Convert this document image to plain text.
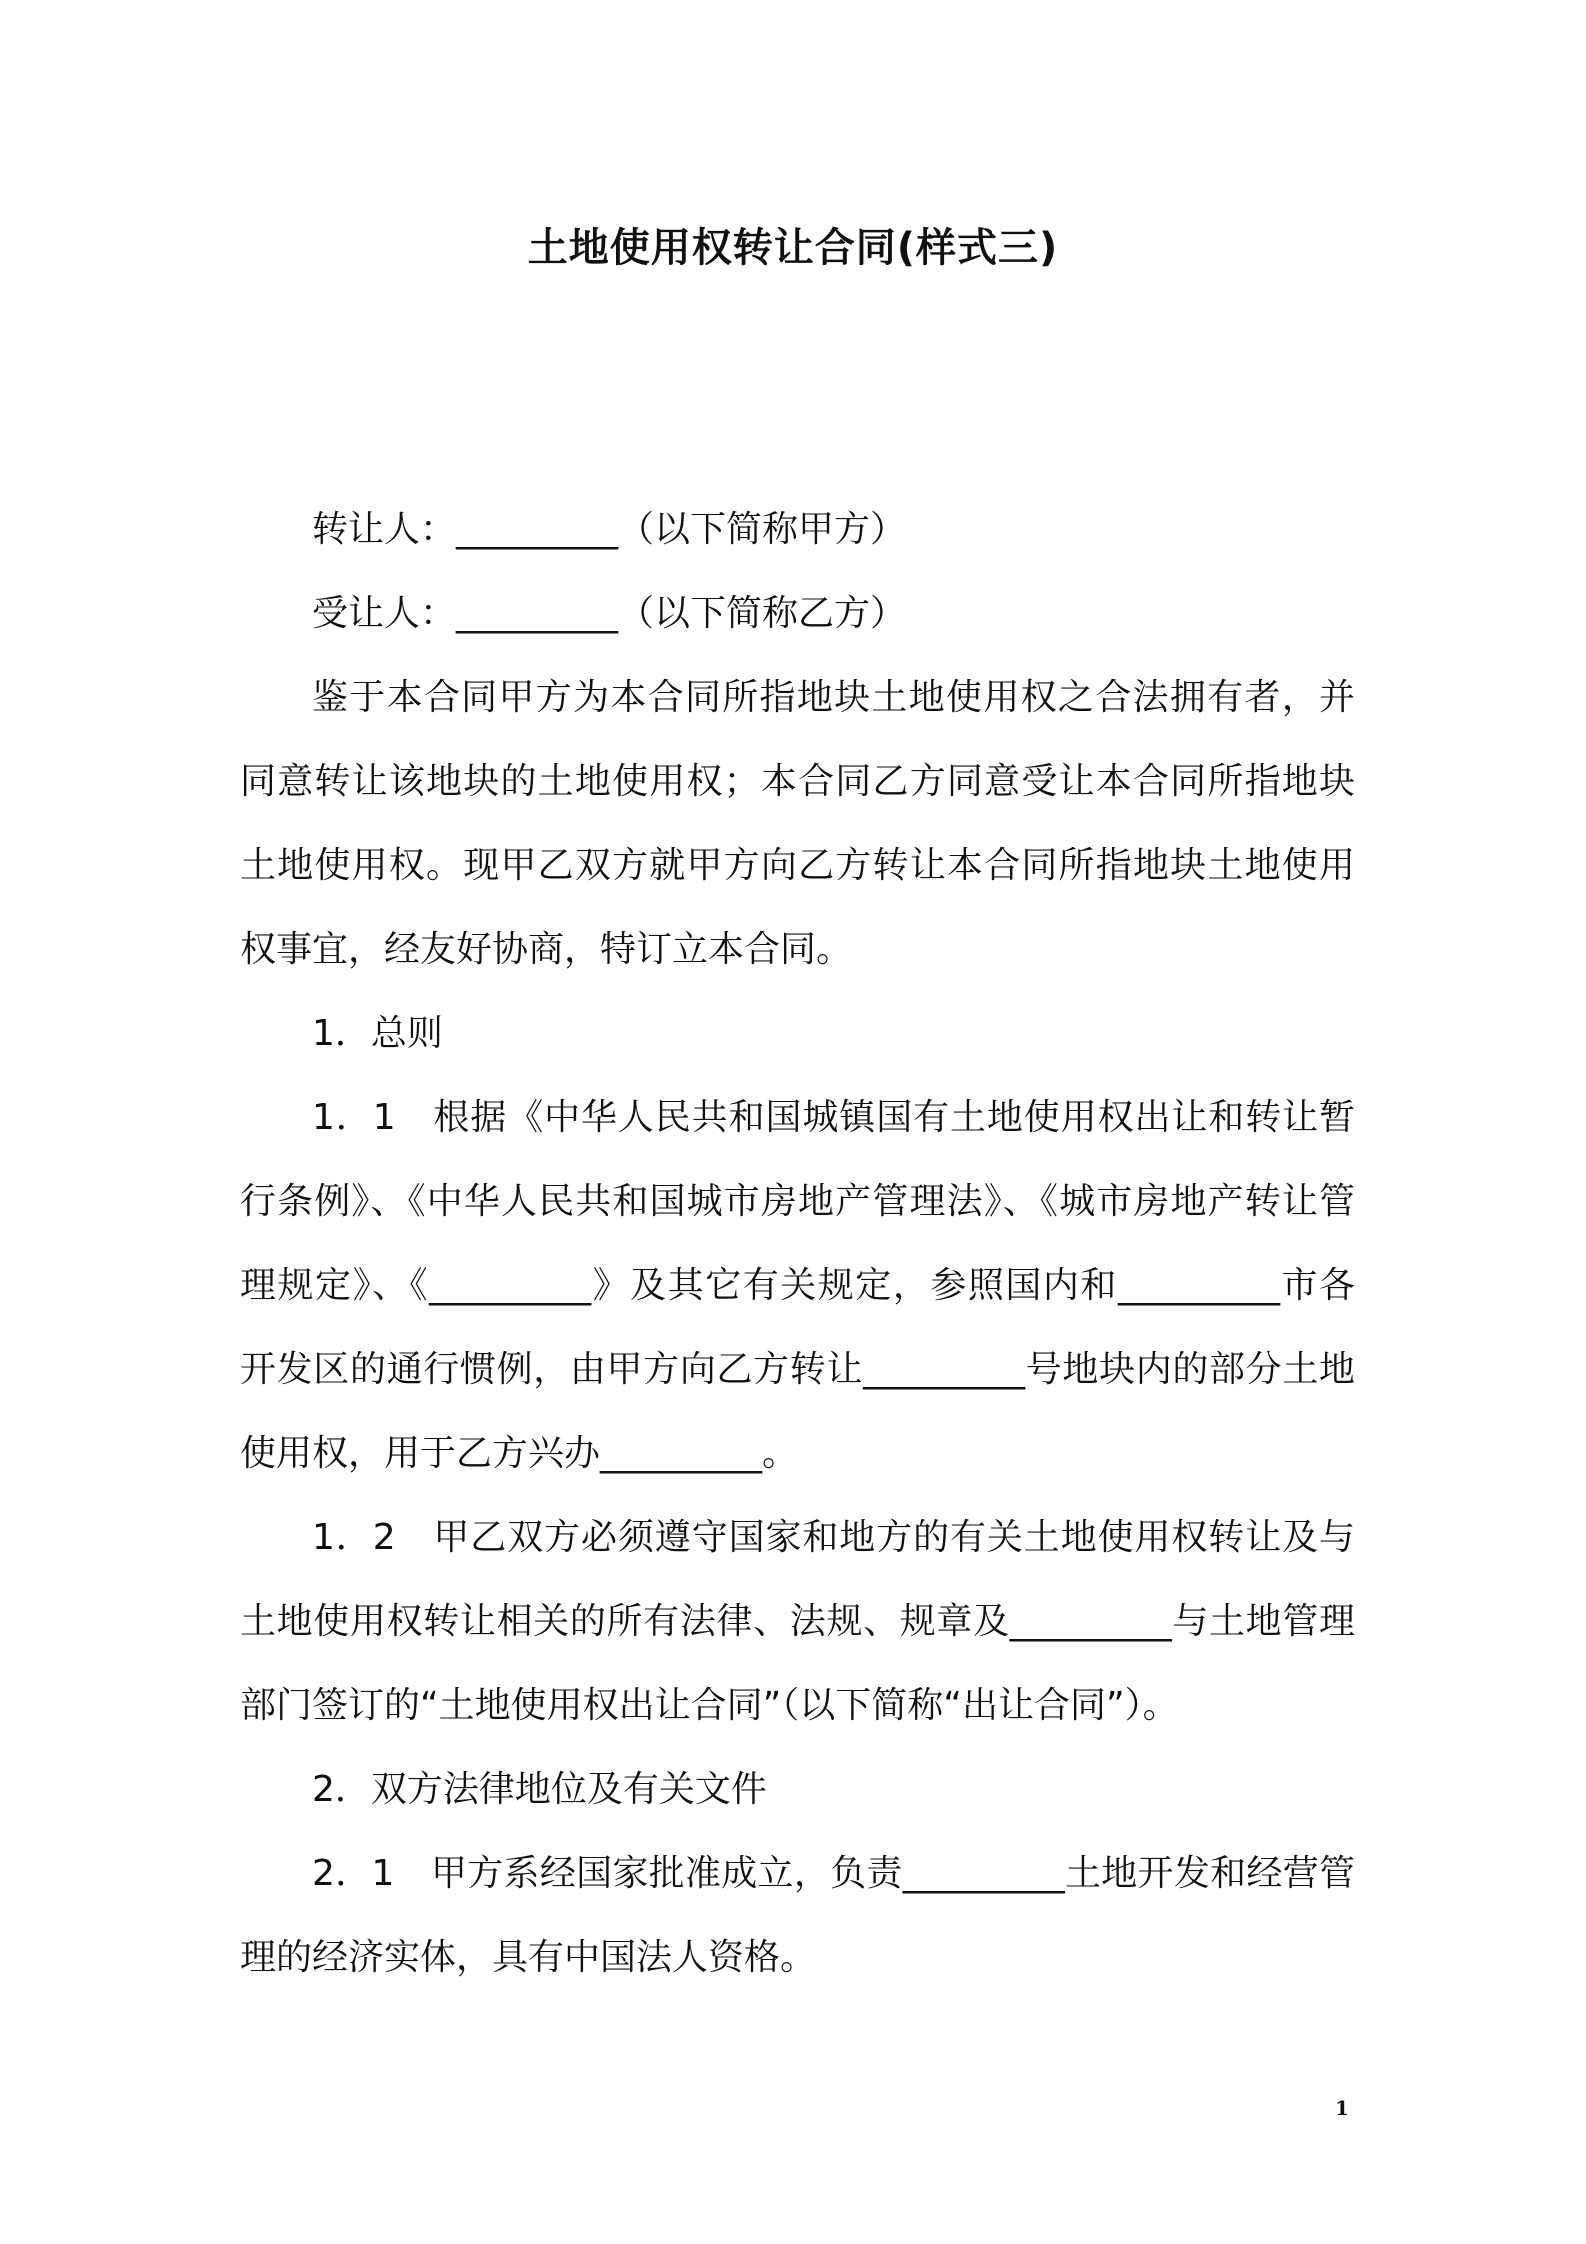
土地使用权转让合同(样式三)

转让人：_________（以下简称甲方）

受让人：_________（以下简称乙方）

鉴于本合同甲方为本合同所指地块土地使用权之合法拥有者，并同意转让该地块的土地使用权；本合同乙方同意受让本合同所指地块土地使用权。现甲乙双方就甲方向乙方转让本合同所指地块土地使用权事宜，经友好协商，特订立本合同。

1．总则

1．1　根据《中华人民共和国城镇国有土地使用权出让和转让暂行条例》、《中华人民共和国城市房地产管理法》、《城市房地产转让管理规定》、《_________》及其它有关规定，参照国内和_________市各开发区的通行惯例，由甲方向乙方转让_________号地块内的部分土地使用权，用于乙方兴办_________。

1．2　甲乙双方必须遵守国家和地方的有关土地使用权转让及与土地使用权转让相关的所有法律、法规、规章及_________与土地管理部门签订的“土地使用权出让合同”（以下简称“出让合同”）。

2．双方法律地位及有关文件

2．1　甲方系经国家批准成立，负责_________土地开发和经营管理的经济实体，具有中国法人资格。

1
